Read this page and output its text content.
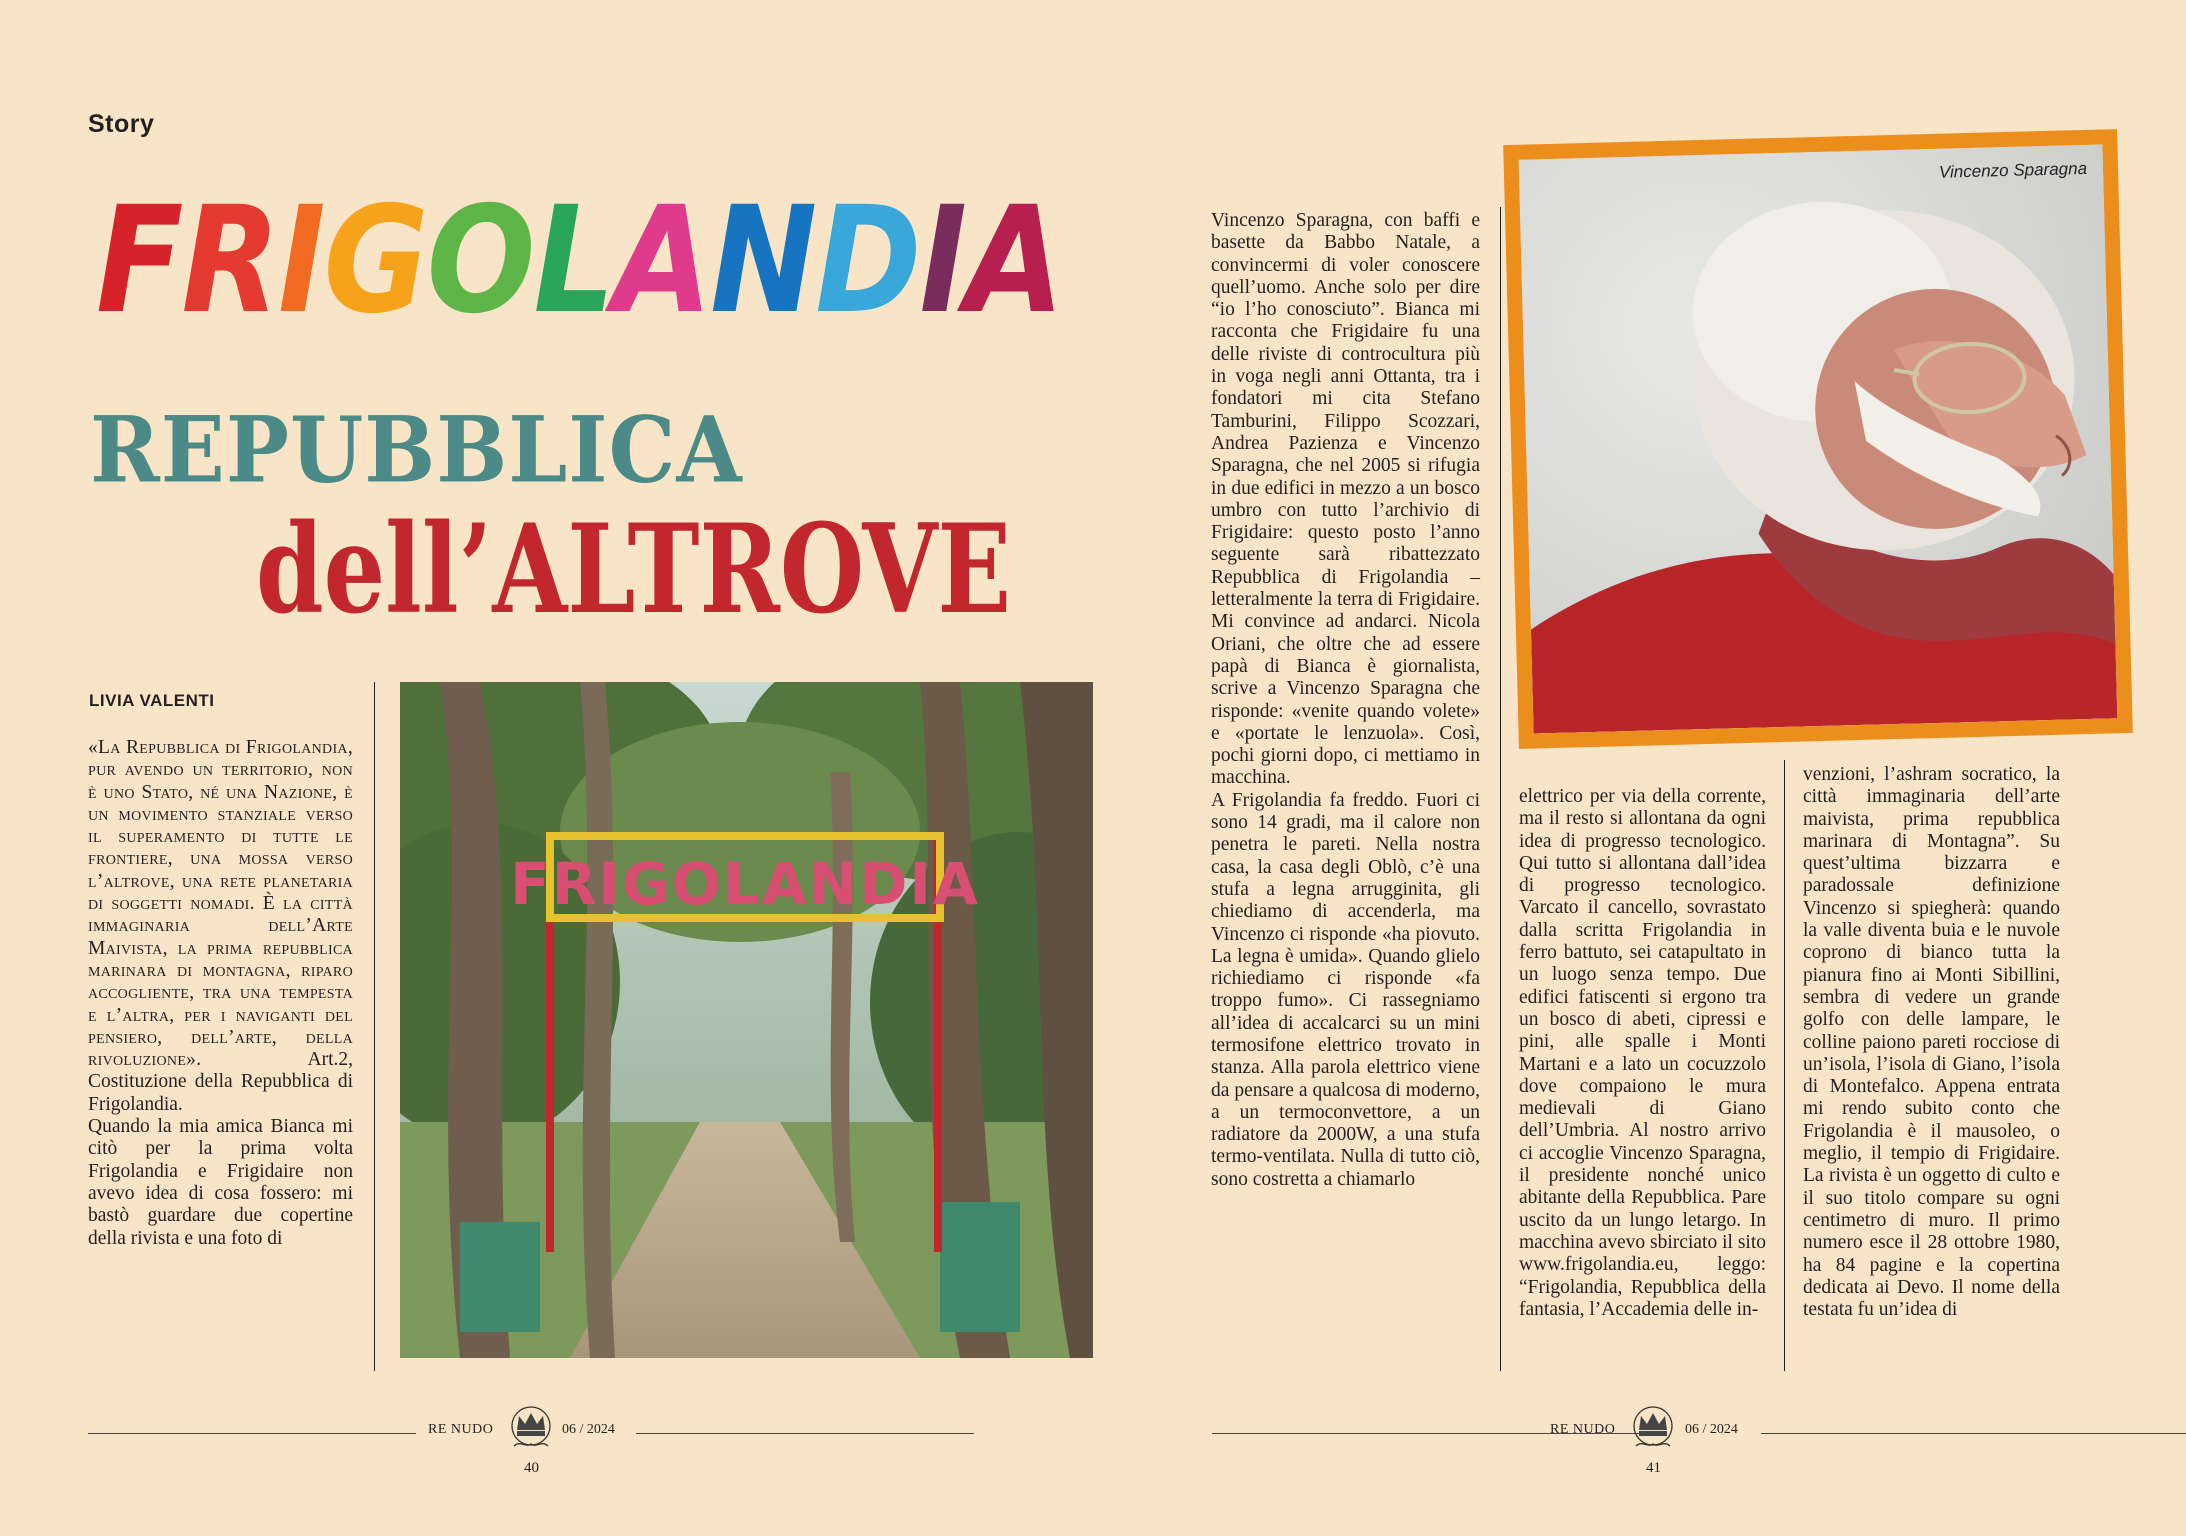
Story
FRIGOLANDIA
REPUBBLICA
dell’ALTROVE
LIVIA VALENTI

«La Repubblica di Frigolandia, pur avendo un territorio, non è uno Stato, né una Nazione, è un movimento stanziale verso il superamento di tutte le frontiere, una mossa verso l’altrove, una rete planetaria di soggetti nomadi. È la città immaginaria dell’Arte Maivista, la prima repubblica marinara di montagna, riparo accogliente, tra una tempesta e l’altra, per i naviganti del pensiero, dell’arte, della rivoluzione». Art.2, Costituzione della Repubblica di Frigolandia.

Quando la mia amica Bianca mi citò per la prima volta Frigolandia e Frigidaire non avevo idea di cosa fossero: mi bastò guardare due copertine della rivista e una foto di

FRIGOLANDIA
RE NUDO	06 / 2024
40

Vincenzo Sparagna, con baffi e basette da Babbo Natale, a convincermi di voler conoscere quell’uomo. Anche solo per dire “io l’ho conosciuto”. Bianca mi racconta che Frigidaire fu una delle riviste di controcultura più in voga negli anni Ottanta, tra i fondatori mi cita Stefano Tamburini, Filippo Scozzari, Andrea Pazienza e Vincenzo Sparagna, che nel 2005 si rifugia in due edifici in mezzo a un bosco umbro con tutto l’archivio di Frigidaire: questo posto l’anno seguente sarà ribattezzato Repubblica di Frigolandia – letteralmente la terra di Frigidaire. Mi convince ad andarci. Nicola Oriani, che oltre che ad essere papà di Bianca è giornalista, scrive a Vincenzo Sparagna che risponde: «venite quando volete» e «portate le lenzuola». Così, pochi giorni dopo, ci mettiamo in macchina.

A Frigolandia fa freddo. Fuori ci sono 14 gradi, ma il calore non penetra le pareti. Nella nostra casa, la casa degli Oblò, c’è una stufa a legna arrugginita, gli chiediamo di accenderla, ma Vincenzo ci risponde «ha piovuto. La legna è umida». Quando glielo richiediamo ci risponde «fa troppo fumo». Ci rassegniamo all’idea di accalcarci su un mini termosifone elettrico trovato in stanza. Alla parola elettrico viene da pensare a qualcosa di moderno, a un termoconvettore, a un radiatore da 2000W, a una stufa termo-ventilata. Nulla di tutto ciò, sono costretta a chiamarlo

elettrico per via della corrente, ma il resto si allontana da ogni idea di progresso tecnologico. Qui tutto si allontana dall’idea di progresso tecnologico. Varcato il cancello, sovrastato dalla scritta Frigolandia in ferro battuto, sei catapultato in un luogo senza tempo. Due edifici fatiscenti si ergono tra un bosco di abeti, cipressi e pini, alle spalle i Monti Martani e a lato un cocuzzolo dove compaiono le mura medievali di Giano dell’Umbria. Al nostro arrivo ci accoglie Vincenzo Sparagna, il presidente nonché unico abitante della Repubblica. Pare uscito da un lungo letargo. In macchina avevo sbirciato il sito www.frigolandia.eu, leggo: “Frigolandia, Repubblica della fantasia, l’Accademia delle in-

venzioni, l’ashram socratico, la città immaginaria dell’arte maivista, prima repubblica marinara di Montagna”. Su quest’ultima bizzarra e paradossale definizione Vincenzo si spiegherà: quando la valle diventa buia e le nuvole coprono di bianco tutta la pianura fino ai Monti Sibillini, sembra di vedere un grande golfo con delle lampare, le colline paiono pareti rocciose di un’isola, l’isola di Giano, l’isola di Montefalco. Appena entrata mi rendo subito conto che Frigolandia è il mausoleo, o meglio, il tempio di Frigidaire. La rivista è un oggetto di culto e il suo titolo compare su ogni centimetro di muro. Il primo numero esce il 28 ottobre 1980, ha 84 pagine e la copertina dedicata ai Devo. Il nome della testata fu un’idea di

Vincenzo Sparagna
RE NUDO	06 / 2024
41
